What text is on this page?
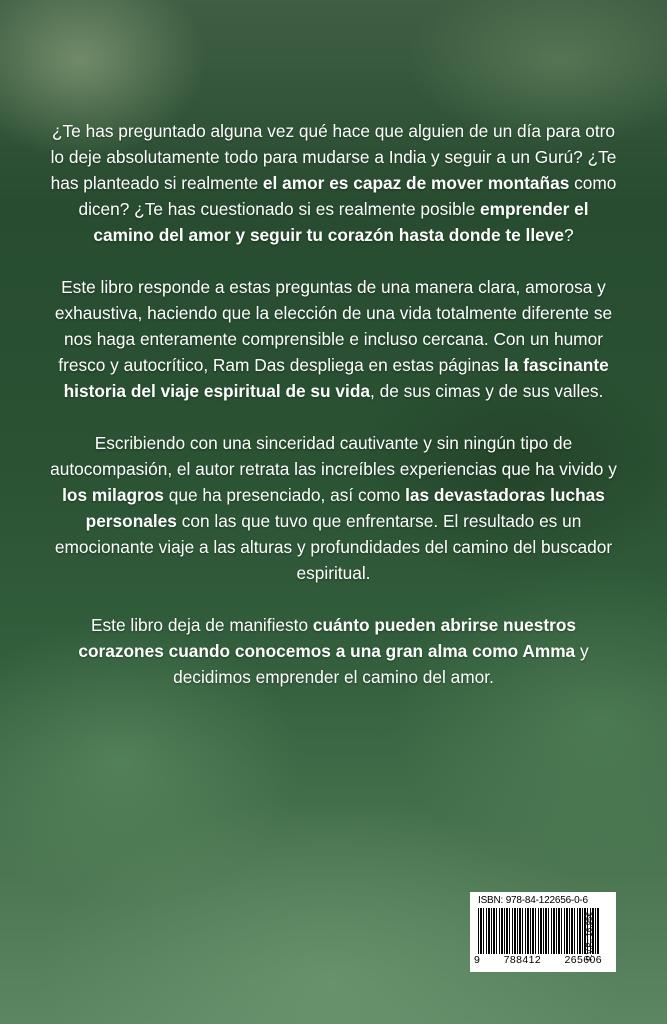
¿Te has preguntado alguna vez qué hace que alguien de un día para otro lo deje absolutamente todo para mudarse a India y seguir a un Gurú? ¿Te has planteado si realmente el amor es capaz de mover montañas como dicen? ¿Te has cuestionado si es realmente posible emprender el camino del amor y seguir tu corazón hasta donde te lleve?

Este libro responde a estas preguntas de una manera clara, amorosa y exhaustiva, haciendo que la elección de una vida totalmente diferente se nos haga enteramente comprensible e incluso cercana. Con un humor fresco y autocrítico, Ram Das despliega en estas páginas la fascinante historia del viaje espiritual de su vida, de sus cimas y de sus valles.

Escribiendo con una sinceridad cautivante y sin ningún tipo de autocompasión, el autor retrata las increíbles experiencias que ha vivido y los milagros que ha presenciado, así como las devastadoras luchas personales con las que tuvo que enfrentarse. El resultado es un emocionante viaje a las alturas y profundidades del camino del buscador espiritual.

Este libro deja de manifiesto cuánto pueden abrirse nuestros corazones cuando conocemos a una gran alma como Amma y decidimos emprender el camino del amor.

ISBN: 978-84-122656-0-6
9 788412 265606
P.V.P.: 16,95€
